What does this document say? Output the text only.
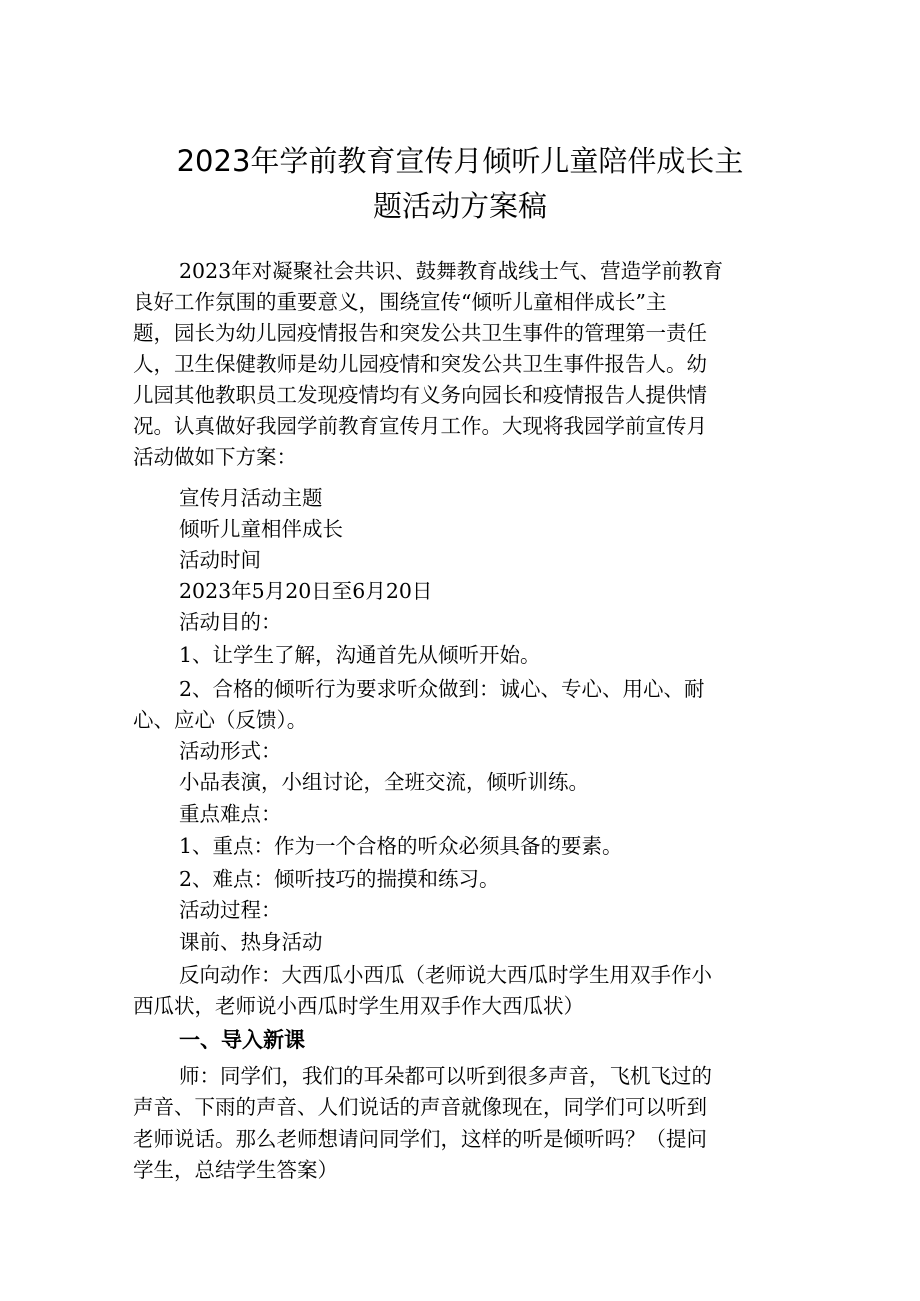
2023年学前教育宣传月倾听儿童陪伴成长主
题活动方案稿
2023年对凝聚社会共识、鼓舞教育战线士气、营造学前教育
良好工作氛围的重要意义，围绕宣传“倾听儿童相伴成长”主
题，园长为幼儿园疫情报告和突发公共卫生事件的管理第一责任
人，卫生保健教师是幼儿园疫情和突发公共卫生事件报告人。幼
儿园其他教职员工发现疫情均有义务向园长和疫情报告人提供情
况。认真做好我园学前教育宣传月工作。大现将我园学前宣传月
活动做如下方案：
宣传月活动主题
倾听儿童相伴成长
活动时间
2023年5月20日至6月20日
活动目的：
1、让学生了解，沟通首先从倾听开始。
2、合格的倾听行为要求听众做到：诚心、专心、用心、耐
心、应心（反馈）。
活动形式：
小品表演，小组讨论，全班交流，倾听训练。
重点难点：
1、重点：作为一个合格的听众必须具备的要素。
2、难点：倾听技巧的揣摸和练习。
活动过程：
课前、热身活动
反向动作：大西瓜小西瓜（老师说大西瓜时学生用双手作小
西瓜状，老师说小西瓜时学生用双手作大西瓜状）
一、导入新课
师：同学们，我们的耳朵都可以听到很多声音，飞机飞过的
声音、下雨的声音、人们说话的声音就像现在，同学们可以听到
老师说话。那么老师想请问同学们，这样的听是倾听吗？（提问
学生，总结学生答案）
